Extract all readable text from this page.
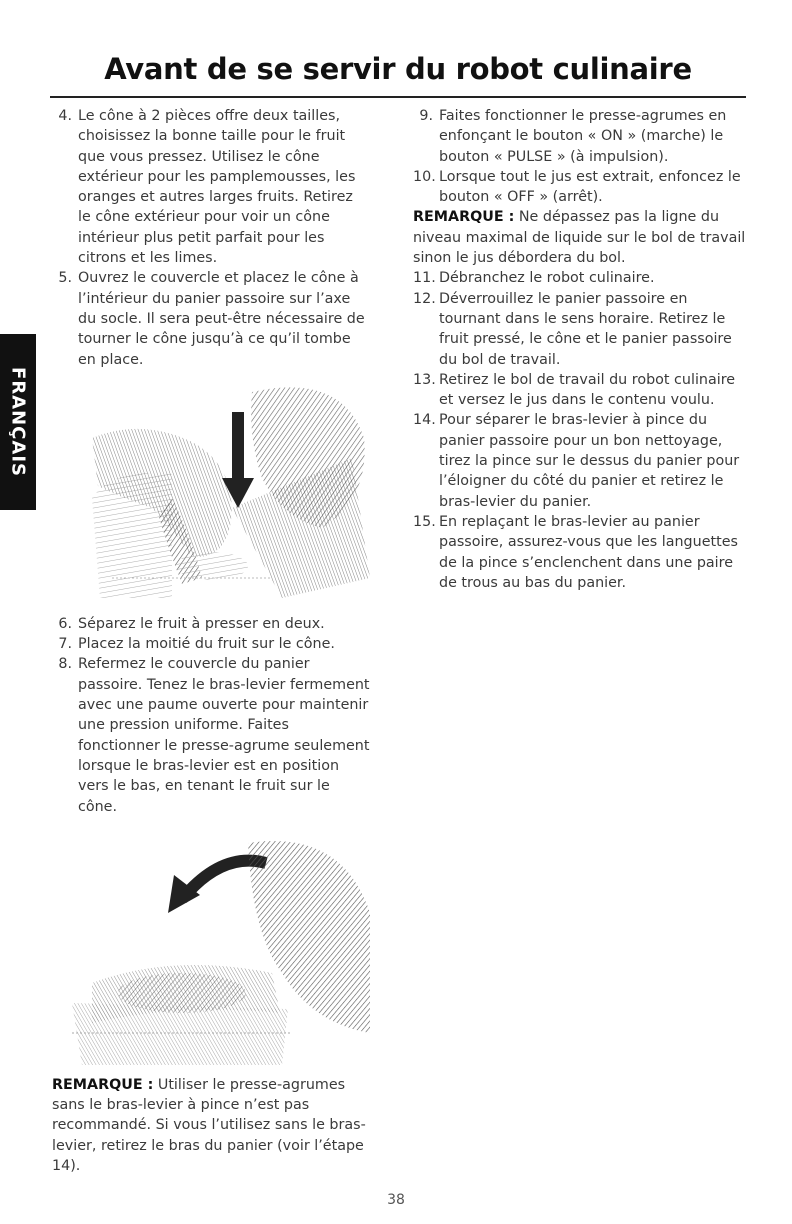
Avant de se servir du robot culinaire
FRANÇAIS
4. Le cône à 2 pièces offre deux tailles, choisissez la bonne taille pour le fruit que vous pressez. Utilisez le cône extérieur pour les pamplemousses, les oranges et autres larges fruits. Retirez le cône extérieur pour voir un cône intérieur plus petit parfait pour les citrons et les limes.
5. Ouvrez le couvercle et placez le cône à l’intérieur du panier passoire sur l’axe du socle. Il sera peut-être nécessaire de tourner le cône jusqu’à ce qu’il tombe en place.
6. Séparez le fruit à presser en deux.
7. Placez la moitié du fruit sur le cône.
8. Refermez le couvercle du panier passoire. Tenez le bras-levier fermement avec une paume ouverte pour maintenir une pression uniforme. Faites fonctionner le presse-agrume seulement lorsque le bras-levier est en position vers le bas, en tenant le fruit sur le cône.

REMARQUE : Utiliser le presse-agrumes sans le bras-levier à pince n’est pas recommandé. Si vous l’utilisez sans le bras-levier, retirez le bras du panier (voir l’étape 14).

9. Faites fonctionner le presse-agrumes en enfonçant le bouton « ON » (marche) le bouton « PULSE » (à impulsion).
10. Lorsque tout le jus est extrait, enfoncez le bouton « OFF » (arrêt).

REMARQUE : Ne dépassez pas la ligne du niveau maximal de liquide sur le bol de travail sinon le jus débordera du bol.

11. Débranchez le robot culinaire.
12. Déverrouillez le panier passoire en tournant dans le sens horaire. Retirez le fruit pressé, le cône et le panier passoire du bol de travail.
13. Retirez le bol de travail du robot culinaire et versez le jus dans le contenu voulu.
14. Pour séparer le bras-levier à pince du panier passoire pour un bon nettoyage, tirez la pince sur le dessus du panier pour l’éloigner du côté du panier et retirez le bras-levier du panier.
15. En replaçant le bras-levier au panier passoire, assurez-vous que les languettes de la pince s’enclenchent dans une paire de trous au bas du panier.
38
